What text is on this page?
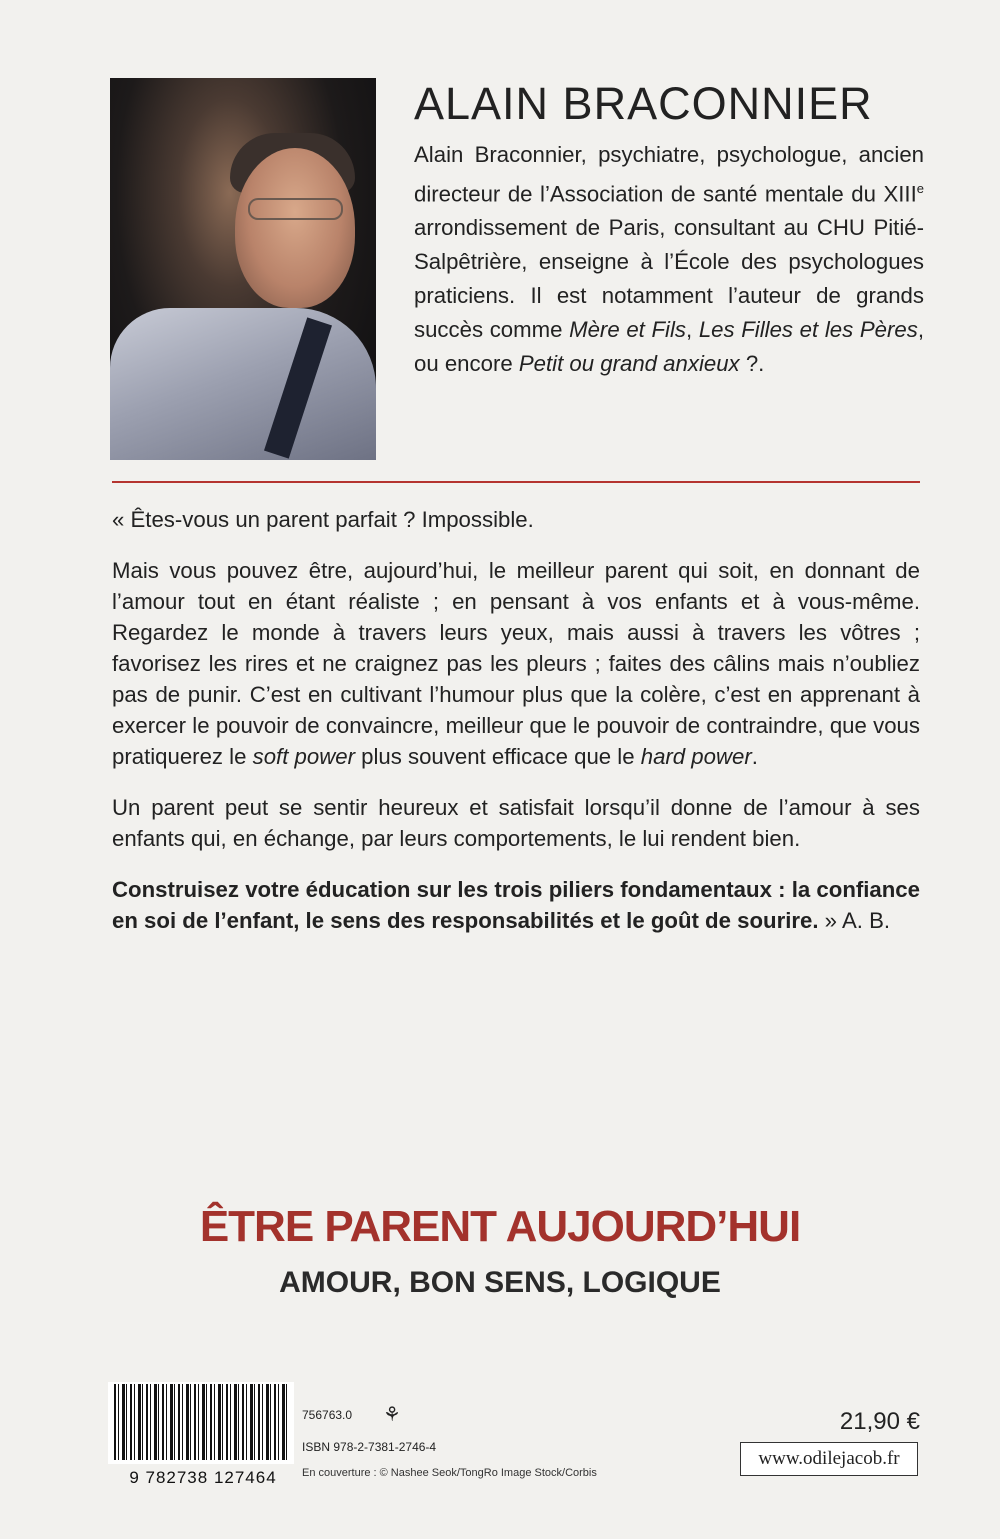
ALAIN BRACONNIER

Alain Braconnier, psychiatre, psychologue, ancien directeur de l’Association de santé mentale du XIIIe arrondissement de Paris, consultant au CHU Pitié-Salpêtrière, enseigne à l’École des psychologues praticiens. Il est notamment l’auteur de grands succès comme Mère et Fils, Les Filles et les Pères, ou encore Petit ou grand anxieux ?.

« Êtes-vous un parent parfait ? Impossible.

Mais vous pouvez être, aujourd’hui, le meilleur parent qui soit, en donnant de l’amour tout en étant réaliste ; en pensant à vos enfants et à vous-même. Regardez le monde à travers leurs yeux, mais aussi à travers les vôtres ; favorisez les rires et ne craignez pas les pleurs ; faites des câlins mais n’oubliez pas de punir. C’est en cultivant l’humour plus que la colère, c’est en apprenant à exercer le pouvoir de convaincre, meilleur que le pouvoir de contraindre, que vous pratiquerez le soft power plus souvent efficace que le hard power.

Un parent peut se sentir heureux et satisfait lorsqu’il donne de l’amour à ses enfants qui, en échange, par leurs comportements, le lui rendent bien.

Construisez votre éducation sur les trois piliers fondamentaux : la confiance en soi de l’enfant, le sens des responsabilités et le goût de sourire. » A. B.

ÊTRE PARENT AUJOURD’HUI
AMOUR, BON SENS, LOGIQUE
9 782738 127464
756763.0 ⚘
ISBN 978-2-7381-2746-4
En couverture : © Nashee Seok/TongRo Image Stock/Corbis
21,90 €
www.odilejacob.fr
